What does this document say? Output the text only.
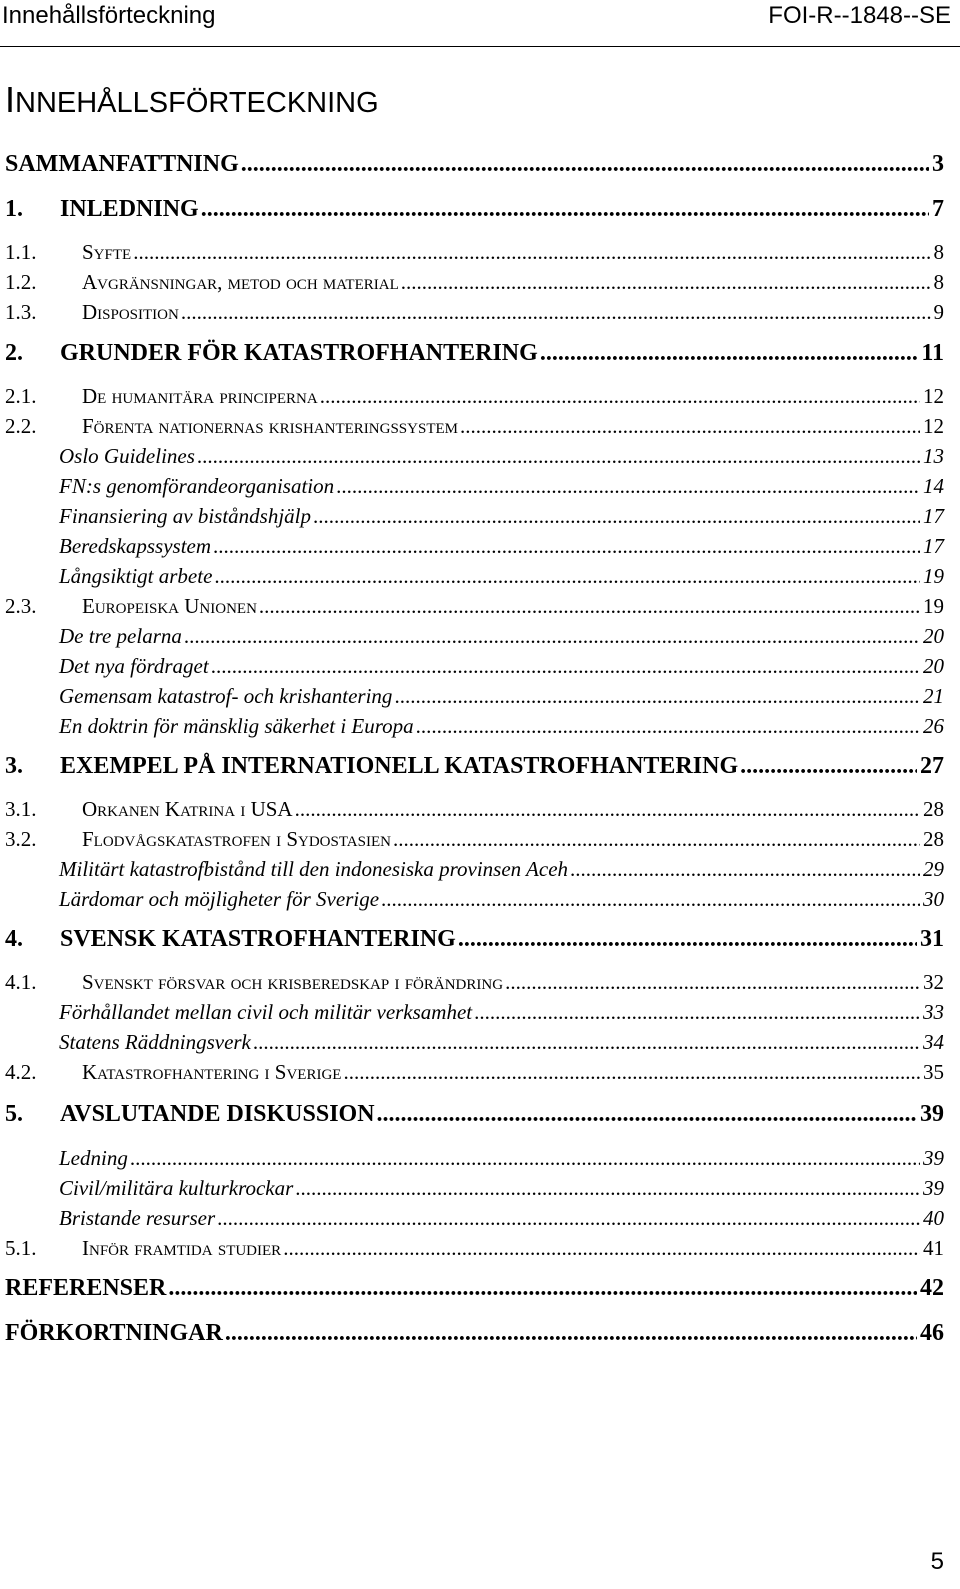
Innehållsförteckning	FOI-R--1848--SE
INNEHÅLLSFÖRTECKNING
SAMMANFATTNING .....	3
1.	INLEDNING .....	7
1.1.	Syfte .....	8
1.2.	Avgränsningar, metod och material .....	8
1.3.	Disposition .....	9
2.	GRUNDER FÖR KATASTROFHANTERING .....	11
2.1.	De humanitära principerna .....	12
2.2.	Förenta nationernas krishanteringssystem .....	12
Oslo Guidelines .....	13
FN:s genomförandeorganisation .....	14
Finansiering av biståndshjälp .....	17
Beredskapssystem .....	17
Långsiktigt arbete .....	19
2.3.	Europeiska Unionen .....	19
De tre pelarna .....	20
Det nya fördraget .....	20
Gemensam katastrof- och krishantering .....	21
En doktrin för mänsklig säkerhet i Europa .....	26
3.	EXEMPEL PÅ INTERNATIONELL KATASTROFHANTERING .....	27
3.1.	Orkanen Katrina i USA .....	28
3.2.	Flodvågskatastrofen i Sydostasien .....	28
Militärt katastrofbistånd till den indonesiska provinsen Aceh .....	29
Lärdomar och möjligheter för Sverige .....	30
4.	SVENSK KATASTROFHANTERING .....	31
4.1.	Svenskt försvar och krisberedskap i förändring .....	32
Förhållandet mellan civil och militär verksamhet .....	33
Statens Räddningsverk .....	34
4.2.	Katastrofhantering i Sverige .....	35
5.	AVSLUTANDE DISKUSSION .....	39
Ledning .....	39
Civil/militära kulturkrockar .....	39
Bristande resurser .....	40
5.1.	Inför framtida studier .....	41
REFERENSER .....	42
FÖRKORTNINGAR .....	46
5
